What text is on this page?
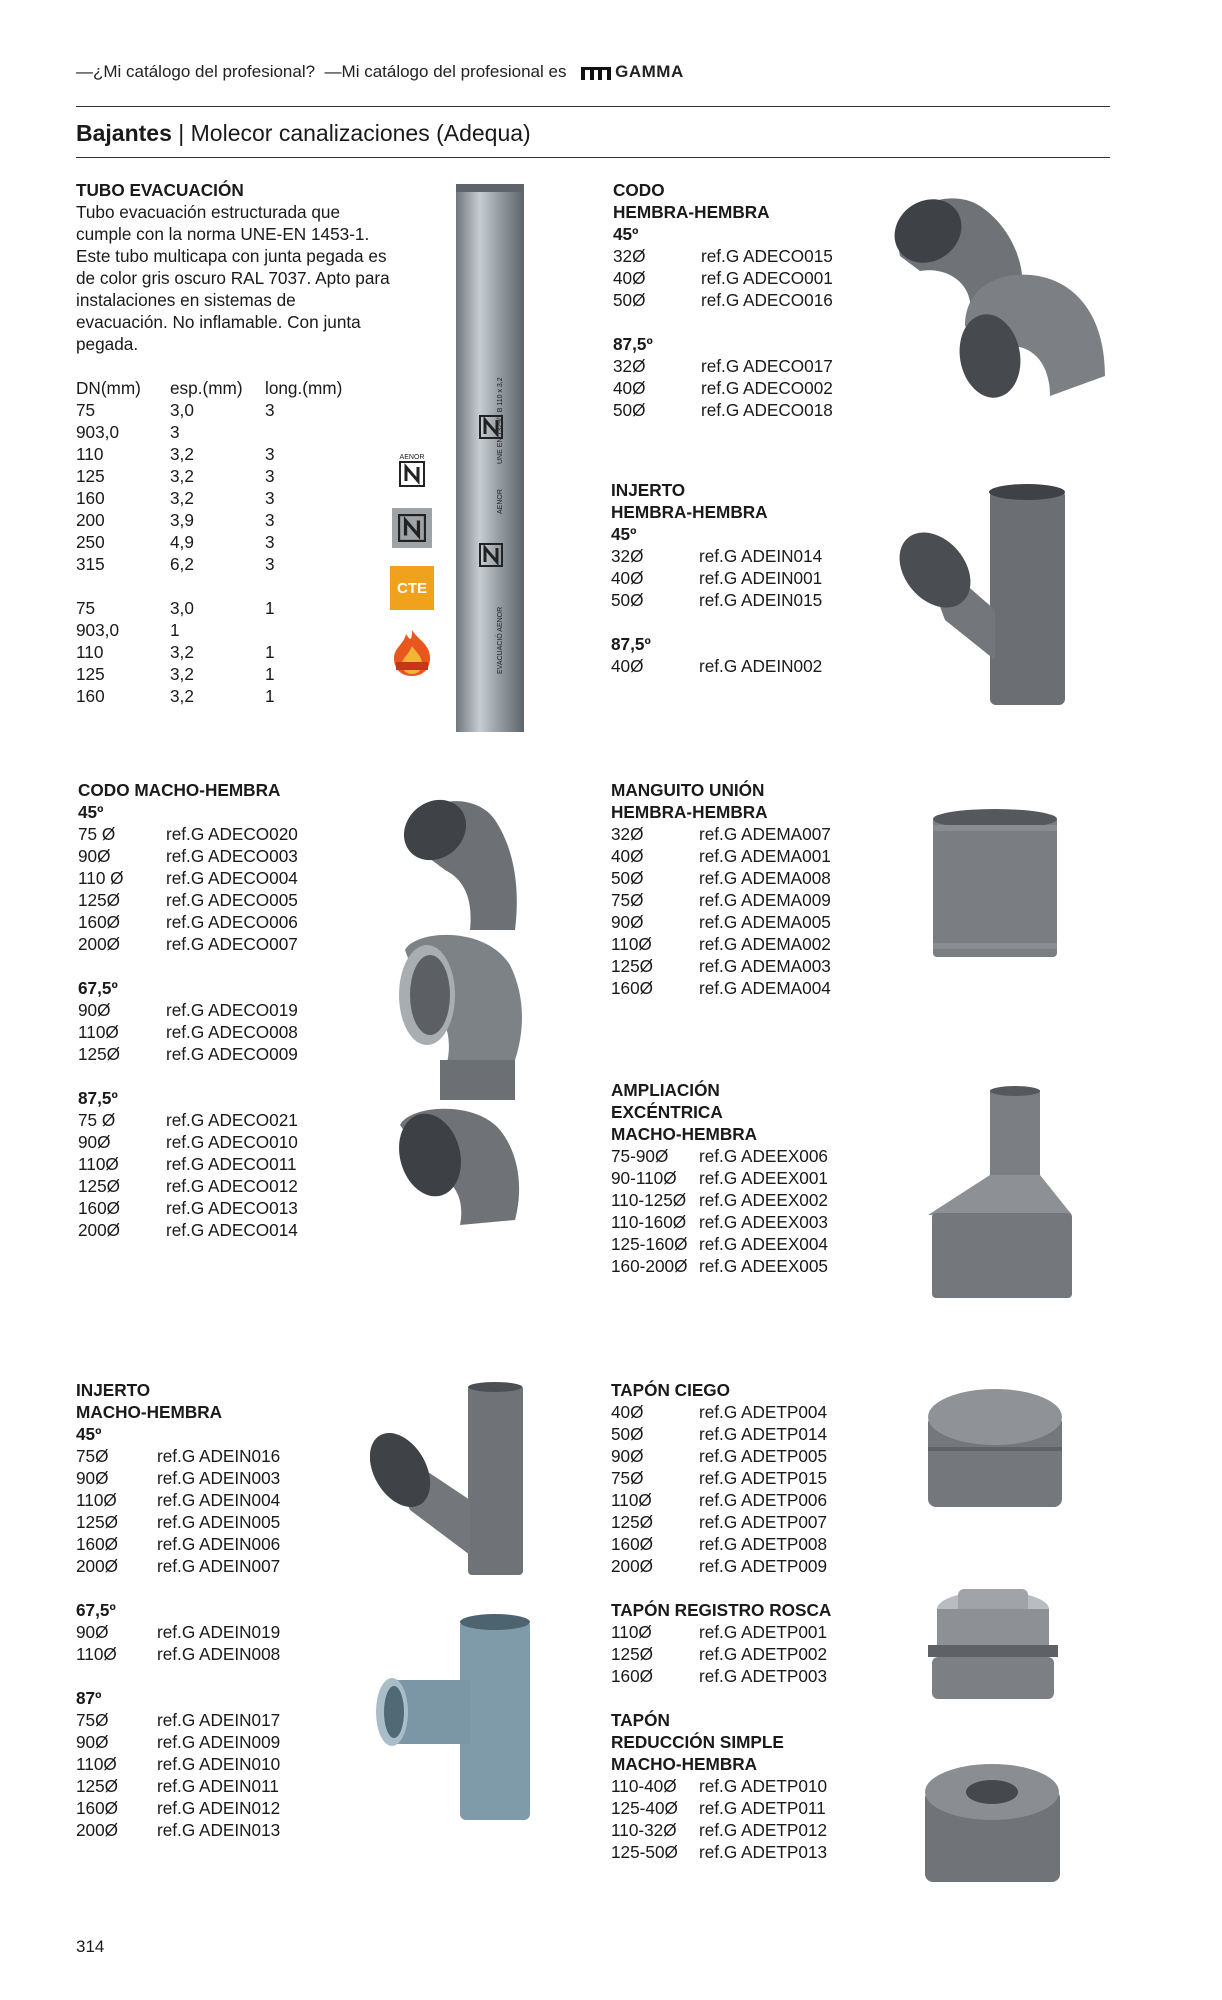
—¿Mi catálogo del profesional? —Mi catálogo del profesional es	GAMMA
Bajantes | Molecor canalizaciones (Adequa)
TUBO EVACUACIÓN
Tubo evacuación estructurada que cumple con la norma UNE-EN 1453-1. Este tubo multicapa con junta pegada es de color gris oscuro RAL 7037. Apto para instalaciones en sistemas de evacuación. No inflamable. Con junta pegada.
DN(mm)	esp.(mm)	long.(mm)
75	3,0	3
903,0	3
110	3,2	3
125	3,2	3
160	3,2	3
200	3,9	3
250	4,9	3
315	6,2	3
75	3,0	1
903,0	1
110	3,2	1
125	3,2	1
160	3,2	1
AENOR
CTE
AENOR
UNE EN 1329/1 B 110 x 3,2
EVACUACIÓ AENOR
CODO
HEMBRA-HEMBRA
45º
32Ø	ref.G ADECO015
40Ø	ref.G ADECO001
50Ø	ref.G ADECO016
87,5º
32Ø	ref.G ADECO017
40Ø	ref.G ADECO002
50Ø	ref.G ADECO018
INJERTO
HEMBRA-HEMBRA
45º
32Ø	ref.G ADEIN014
40Ø	ref.G ADEIN001
50Ø	ref.G ADEIN015
87,5º
40Ø	ref.G ADEIN002
CODO MACHO-HEMBRA
45º
75 Ø	ref.G ADECO020
90Ø	ref.G ADECO003
110 Ø	ref.G ADECO004
125Ø	ref.G ADECO005
160Ø	ref.G ADECO006
200Ø	ref.G ADECO007
67,5º
90Ø	ref.G ADECO019
110Ø	ref.G ADECO008
125Ø	ref.G ADECO009
87,5º
75 Ø	ref.G ADECO021
90Ø	ref.G ADECO010
110Ø	ref.G ADECO011
125Ø	ref.G ADECO012
160Ø	ref.G ADECO013
200Ø	ref.G ADECO014
MANGUITO UNIÓN
HEMBRA-HEMBRA
32Ø	ref.G ADEMA007
40Ø	ref.G ADEMA001
50Ø	ref.G ADEMA008
75Ø	ref.G ADEMA009
90Ø	ref.G ADEMA005
110Ø	ref.G ADEMA002
125Ø	ref.G ADEMA003
160Ø	ref.G ADEMA004
AMPLIACIÓN
EXCÉNTRICA
MACHO-HEMBRA
75-90Ø	ref.G ADEEX006
90-110Ø	ref.G ADEEX001
110-125Ø ref.G ADEEX002
110-160Ø ref.G ADEEX003
125-160Ø ref.G ADEEX004
160-200Ø ref.G ADEEX005
INJERTO
MACHO-HEMBRA
45º
75Ø	ref.G ADEIN016
90Ø	ref.G ADEIN003
110Ø	ref.G ADEIN004
125Ø	ref.G ADEIN005
160Ø	ref.G ADEIN006
200Ø	ref.G ADEIN007
67,5º
90Ø	ref.G ADEIN019
110Ø	ref.G ADEIN008
87º
75Ø	ref.G ADEIN017
90Ø	ref.G ADEIN009
110Ø	ref.G ADEIN010
125Ø	ref.G ADEIN011
160Ø	ref.G ADEIN012
200Ø	ref.G ADEIN013
TAPÓN CIEGO
40Ø	ref.G ADETP004
50Ø	ref.G ADETP014
90Ø	ref.G ADETP005
75Ø	ref.G ADETP015
110Ø	ref.G ADETP006
125Ø	ref.G ADETP007
160Ø	ref.G ADETP008
200Ø	ref.G ADETP009
TAPÓN REGISTRO ROSCA
110Ø	ref.G ADETP001
125Ø	ref.G ADETP002
160Ø	ref.G ADETP003
TAPÓN
REDUCCIÓN SIMPLE
MACHO-HEMBRA
110-40Ø	ref.G ADETP010
125-40Ø	ref.G ADETP011
110-32Ø	ref.G ADETP012
125-50Ø	ref.G ADETP013
314
